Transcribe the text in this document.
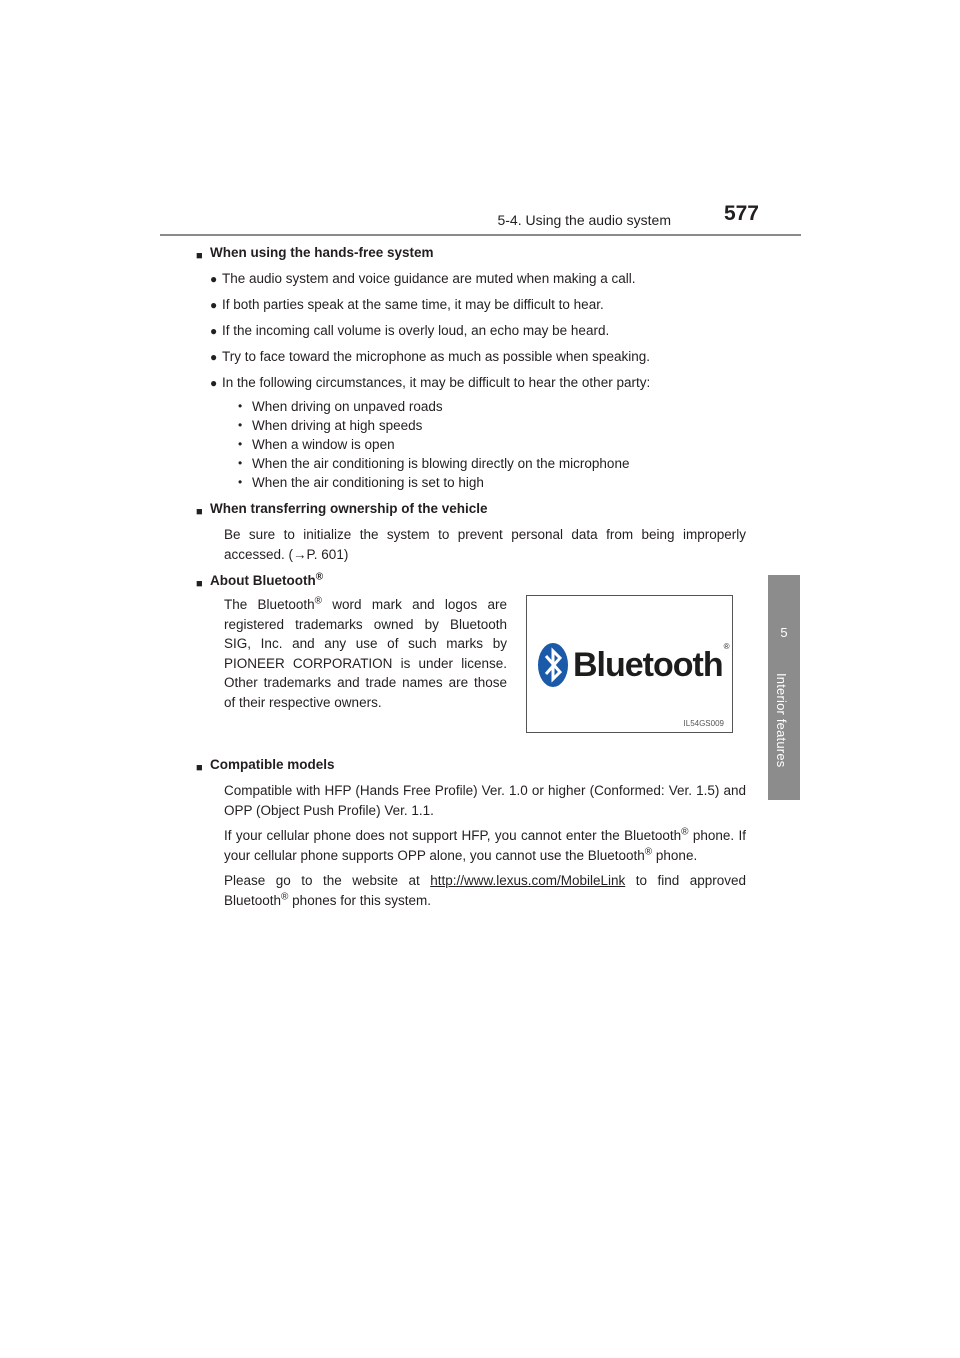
5-4. Using the audio system	577
5
Interior features
■ When using the hands-free system
● The audio system and voice guidance are muted when making a call.
● If both parties speak at the same time, it may be difficult to hear.
● If the incoming call volume is overly loud, an echo may be heard.
● Try to face toward the microphone as much as possible when speaking.
● In the following circumstances, it may be difficult to hear the other party:
• When driving on unpaved roads
• When driving at high speeds
• When a window is open
• When the air conditioning is blowing directly on the microphone
• When the air conditioning is set to high
■ When transferring ownership of the vehicle
Be sure to initialize the system to prevent personal data from being improperly accessed. (→P. 601)
■ About Bluetooth®
The Bluetooth® word mark and logos are registered trademarks owned by Bluetooth SIG, Inc. and any use of such marks by PIONEER CORPORATION is under license. Other trademarks and trade names are those of their respective owners.
Bluetooth ®
IL54GS009
■ Compatible models
Compatible with HFP (Hands Free Profile) Ver. 1.0 or higher (Conformed: Ver. 1.5) and OPP (Object Push Profile) Ver. 1.1.
If your cellular phone does not support HFP, you cannot enter the Bluetooth® phone. If your cellular phone supports OPP alone, you cannot use the Bluetooth® phone.
Please go to the website at http://www.lexus.com/MobileLink to find approved Bluetooth® phones for this system.
